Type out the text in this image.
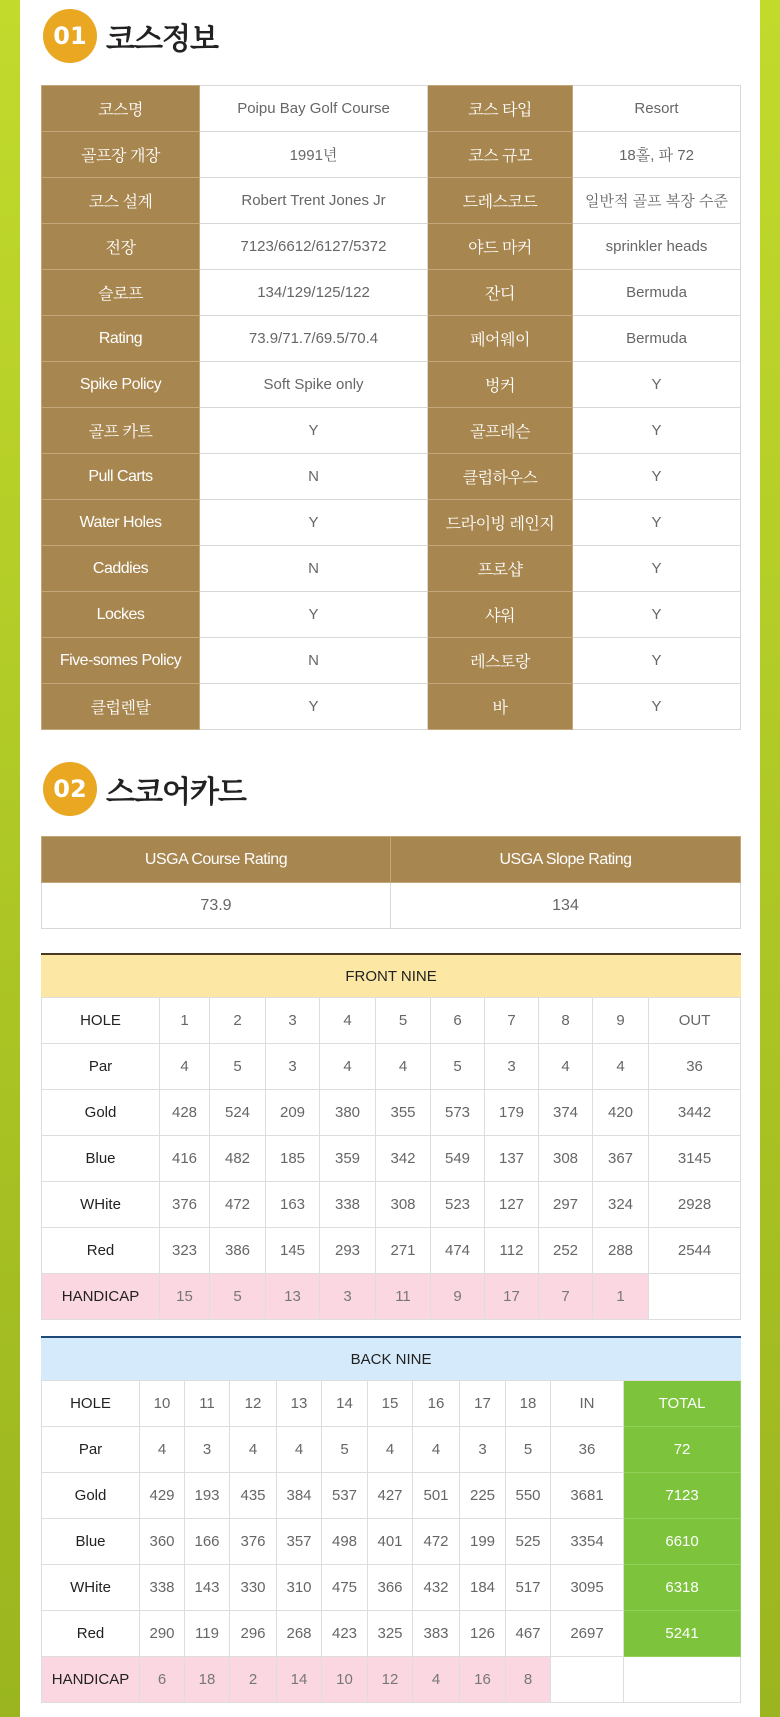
01 코스정보
코스명	Poipu Bay Golf Course	코스 타입	Resort
골프장 개장	1991년	코스 규모	18홀, 파 72
코스 설계	Robert Trent Jones Jr	드레스코드	일반적 골프 복장 수준
전장	7123/6612/6127/5372	야드 마커	sprinkler heads
슬로프	134/129/125/122	잔디	Bermuda
Rating	73.9/71.7/69.5/70.4	페어웨이	Bermuda
Spike Policy	Soft Spike only	벙커	Y
골프 카트	Y	골프레슨	Y
Pull Carts	N	클럽하우스	Y
Water Holes	Y	드라이빙 레인지	Y
Caddies	N	프로샵	Y
Lockes	Y	샤워	Y
Five-somes Policy	N	레스토랑	Y
클럽렌탈	Y	바	Y
02 스코어카드
USGA Course Rating	USGA Slope Rating
73.9	134
FRONT NINE										
HOLE	1	2	3	4	5	6	7	8	9	OUT
Par	4	5	3	4	4	5	3	4	4	36
Gold	428	524	209	380	355	573	179	374	420	3442
Blue	416	482	185	359	342	549	137	308	367	3145
WHite	376	472	163	338	308	523	127	297	324	2928
Red	323	386	145	293	271	474	112	252	288	2544
HANDICAP	15	5	13	3	11	9	17	7	1	
BACK NINE											
HOLE	10	11	12	13	14	15	16	17	18	IN	TOTAL
Par	4	3	4	4	5	4	4	3	5	36	72
Gold	429	193	435	384	537	427	501	225	550	3681	7123
Blue	360	166	376	357	498	401	472	199	525	3354	6610
WHite	338	143	330	310	475	366	432	184	517	3095	6318
Red	290	119	296	268	423	325	383	126	467	2697	5241
HANDICAP	6	18	2	14	10	12	4	16	8		
